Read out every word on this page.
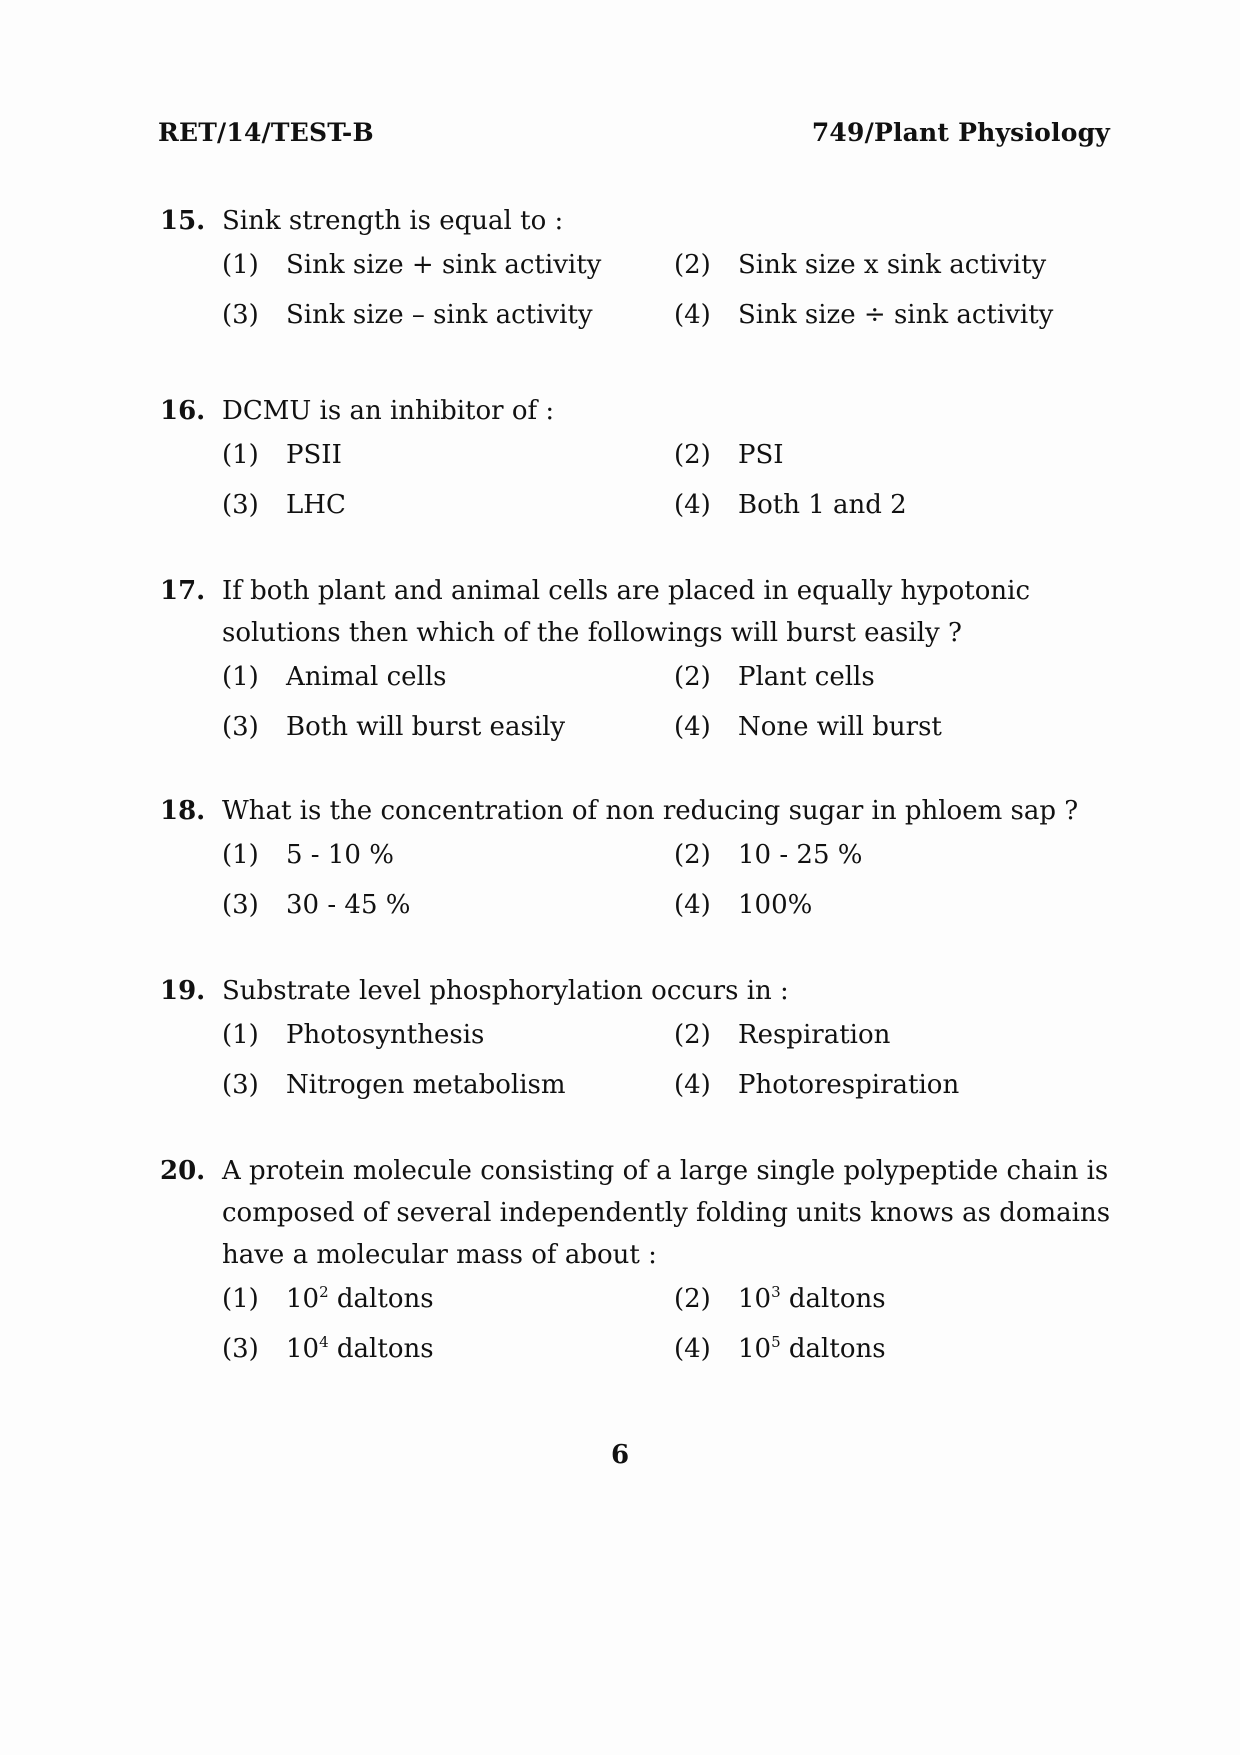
RET/14/TEST-B	749/Plant Physiology
15. Sink strength is equal to :
(1) Sink size + sink activity	(2) Sink size x sink activity
(3) Sink size – sink activity	(4) Sink size ÷ sink activity
16. DCMU is an inhibitor of :
(1) PSII	(2) PSI
(3) LHC	(4) Both 1 and 2
17. If both plant and animal cells are placed in equally hypotonic solutions then which of the followings will burst easily ?
(1) Animal cells	(2) Plant cells
(3) Both will burst easily	(4) None will burst
18. What is the concentration of non reducing sugar in phloem sap ?
(1) 5 - 10 %	(2) 10 - 25 %
(3) 30 - 45 %	(4) 100%
19. Substrate level phosphorylation occurs in :
(1) Photosynthesis	(2) Respiration
(3) Nitrogen metabolism	(4) Photorespiration
20. A protein molecule consisting of a large single polypeptide chain is composed of several independently folding units knows as domains have a molecular mass of about :
(1) $10^2$ daltons	(2) $10^3$ daltons
(3) $10^4$ daltons	(4) $10^5$ daltons
6
